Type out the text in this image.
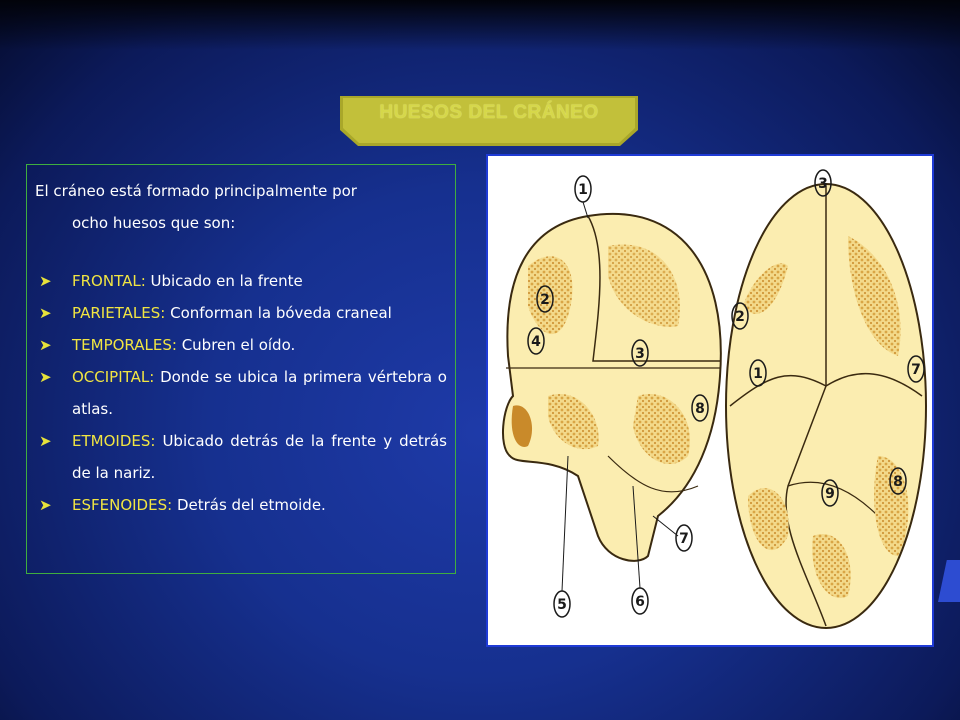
HUESOS DEL CRÁNEO

El cráneo está formado principalmente por
ocho huesos que son:

➤ FRONTAL: Ubicado en la frente
➤ PARIETALES: Conforman la bóveda craneal
➤ TEMPORALES: Cubren el oído.
➤ OCCIPITAL: Donde se ubica la primera vértebra o atlas.
➤ ETMOIDES: Ubicado detrás de la frente y detrás de la nariz.
➤ ESFENOIDES: Detrás del etmoide.
1
2
3
4
5	6
7
8
1
2
3
7
8
9
